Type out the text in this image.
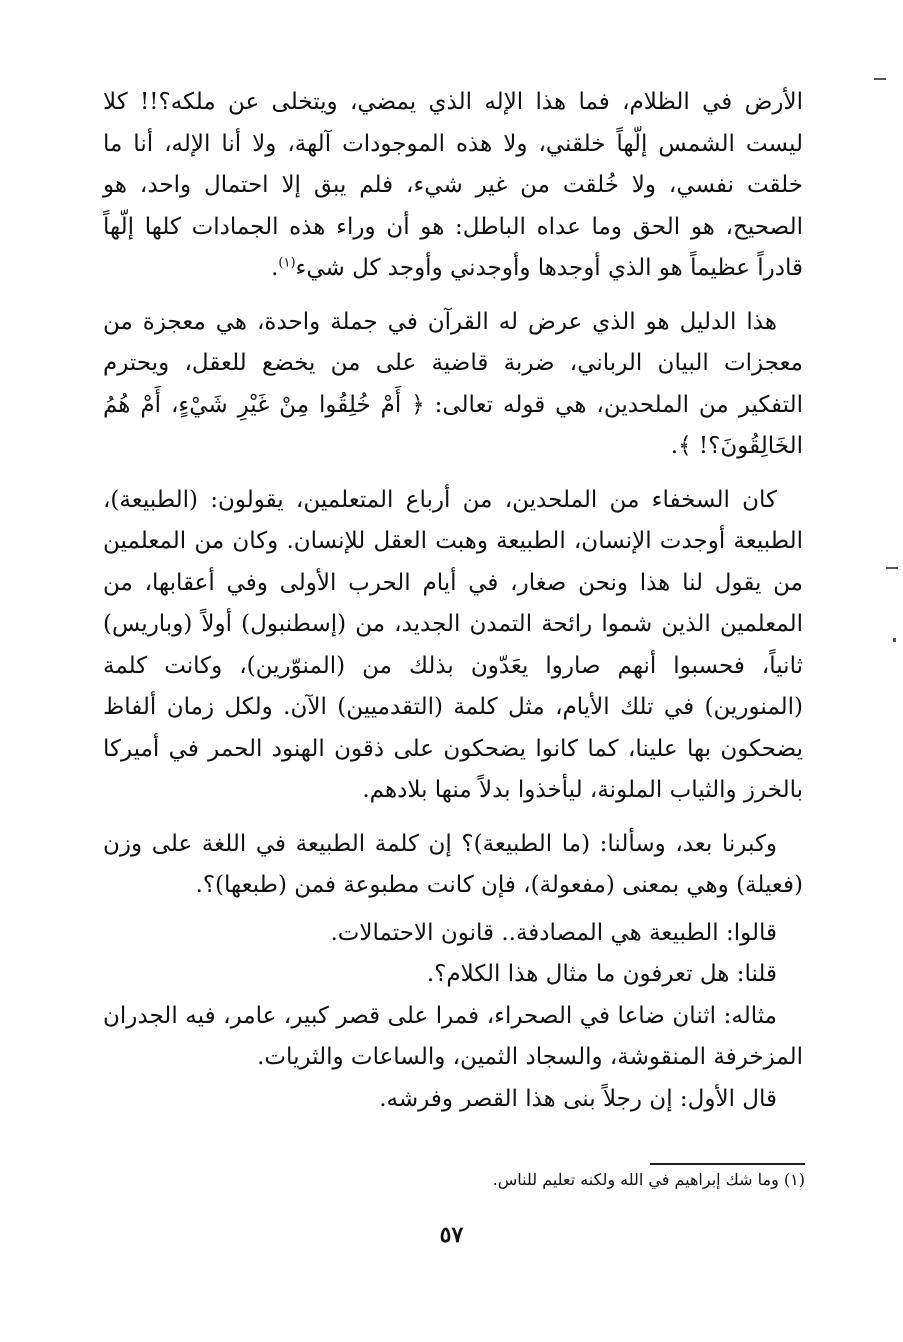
الأرض في الظلام، فما هذا الإله الذي يمضي، ويتخلى عن ملكه؟!! كلا ليست الشمس إلّهاً خلقني، ولا هذه الموجودات آلهة، ولا أنا الإله، أنا ما خلقت نفسي، ولا خُلقت من غير شيء، فلم يبق إلا احتمال واحد، هو الصحيح، هو الحق وما عداه الباطل: هو أن وراء هذه الجمادات كلها إلّهاً قادراً عظيماً هو الذي أوجدها وأوجدني وأوجد كل شيء$^{(١)}$.

هذا الدليل هو الذي عرض له القرآن في جملة واحدة، هي معجزة من معجزات البيان الرباني، ضربة قاضية على من يخضع للعقل، ويحترم التفكير من الملحدين، هي قوله تعالى: ﴿ أَمْ خُلِقُوا مِنْ غَيْرِ شَيْءٍ، أَمْ هُمُ الخَالِقُونَ؟! ﴾.

كان السخفاء من الملحدين، من أرباع المتعلمين، يقولون: (الطبيعة)، الطبيعة أوجدت الإنسان، الطبيعة وهبت العقل للإنسان. وكان من المعلمين من يقول لنا هذا ونحن صغار، في أيام الحرب الأولى وفي أعقابها، من المعلمين الذين شموا رائحة التمدن الجديد، من (إسطنبول) أولاً (وباريس) ثانياً، فحسبوا أنهم صاروا يعَدّون بذلك من (المنوّرين)، وكانت كلمة (المنورين) في تلك الأيام، مثل كلمة (التقدميين) الآن. ولكل زمان ألفاظ يضحكون بها علينا، كما كانوا يضحكون على ذقون الهنود الحمر في أميركا بالخرز والثياب الملونة، ليأخذوا بدلاً منها بلادهم.

وكبرنا بعد، وسألنا: (ما الطبيعة)؟ إن كلمة الطبيعة في اللغة على وزن (فعيلة) وهي بمعنى (مفعولة)، فإن كانت مطبوعة فمن (طبعها)؟.

قالوا: الطبيعة هي المصادفة.. قانون الاحتمالات.

قلنا: هل تعرفون ما مثال هذا الكلام؟.

مثاله: اثنان ضاعا في الصحراء، فمرا على قصر كبير، عامر، فيه الجدران المزخرفة المنقوشة، والسجاد الثمين، والساعات والثريات.

قال الأول: إن رجلاً بنى هذا القصر وفرشه.

(١) وما شك إبراهيم في الله ولكنه تعليم للناس.
٥٧
